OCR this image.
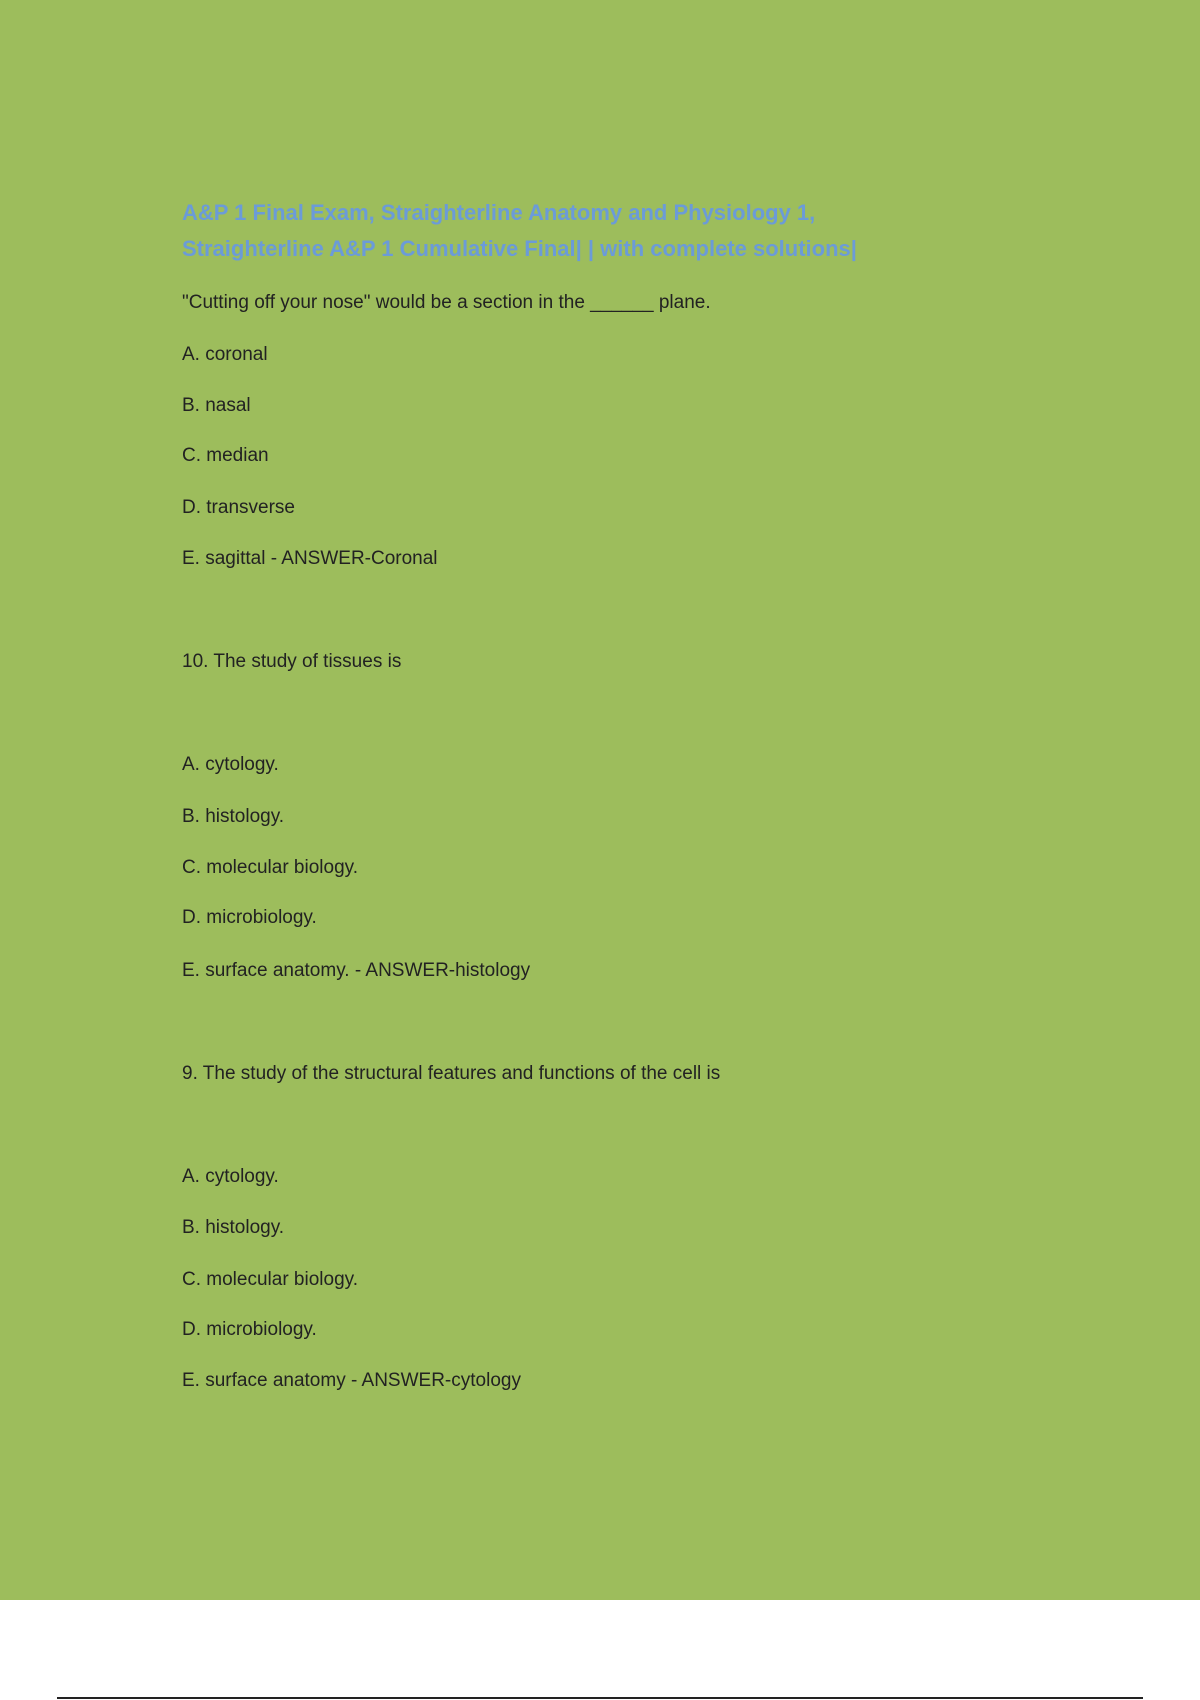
A&P 1 Final Exam, Straighterline Anatomy and Physiology 1,
Straighterline A&P 1 Cumulative Final| | with complete solutions|
"Cutting off your nose" would be a section in the ______ plane.
A. coronal
B. nasal
C. median
D. transverse
E. sagittal - ANSWER-Coronal
10. The study of tissues is
A. cytology.
B. histology.
C. molecular biology.
D. microbiology.
E. surface anatomy. - ANSWER-histology
9. The study of the structural features and functions of the cell is
A. cytology.
B. histology.
C. molecular biology.
D. microbiology.
E. surface anatomy - ANSWER-cytology
